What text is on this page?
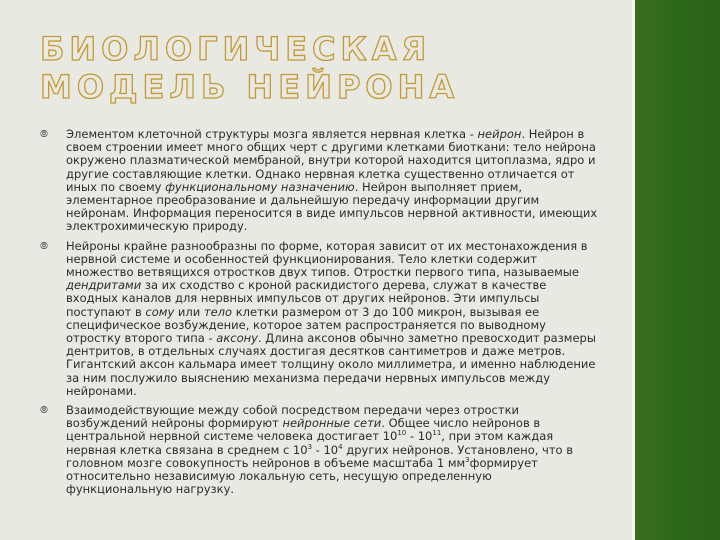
БИОЛОГИЧЕСКАЯ МОДЕЛЬ НЕЙРОНА
⦾ Элементом клеточной структуры мозга является нервная клетка - нейрон. Нейрон в своем строении имеет много общих черт с другими клетками биоткани: тело нейрона окружено плазматической мембраной, внутри которой находится цитоплазма, ядро и другие составляющие клетки. Однако нервная клетка существенно отличается от иных по своему функциональному назначению. Нейрон выполняет прием, элементарное преобразование и дальнейшую передачу информации другим нейронам. Информация переносится в виде импульсов нервной активности, имеющих электрохимическую природу.
⦾ Нейроны крайне разнообразны по форме, которая зависит от их местонахождения в нервной системе и особенностей функционирования. Тело клетки содержит множество ветвящихся отростков двух типов. Отростки первого типа, называемые дендритами за их сходство с кроной раскидистого дерева, служат в качестве входных каналов для нервных импульсов от других нейронов. Эти импульсы поступают в сому или тело клетки размером от 3 до 100 микрон, вызывая ее специфическое возбуждение, которое затем распространяется по выводному отростку второго типа - аксону. Длина аксонов обычно заметно превосходит размеры дентритов, в отдельных случаях достигая десятков сантиметров и даже метров. Гигантский аксон кальмара имеет толщину около миллиметра, и именно наблюдение за ним послужило выяснению механизма передачи нервных импульсов между нейронами.
⦾ Взаимодействующие между собой посредством передачи через отростки возбуждений нейроны формируют нейронные сети. Общее число нейронов в центральной нервной системе человека достигает $10^{10} - 10^{11}$, при этом каждая нервная клетка связана в среднем с $10^3 - 10^4$ других нейронов. Установлено, что в головном мозге совокупность нейронов в объеме масштаба 1 $мм^3формирует$ относительно независимую локальную сеть, несущую определенную функциональную нагрузку.
